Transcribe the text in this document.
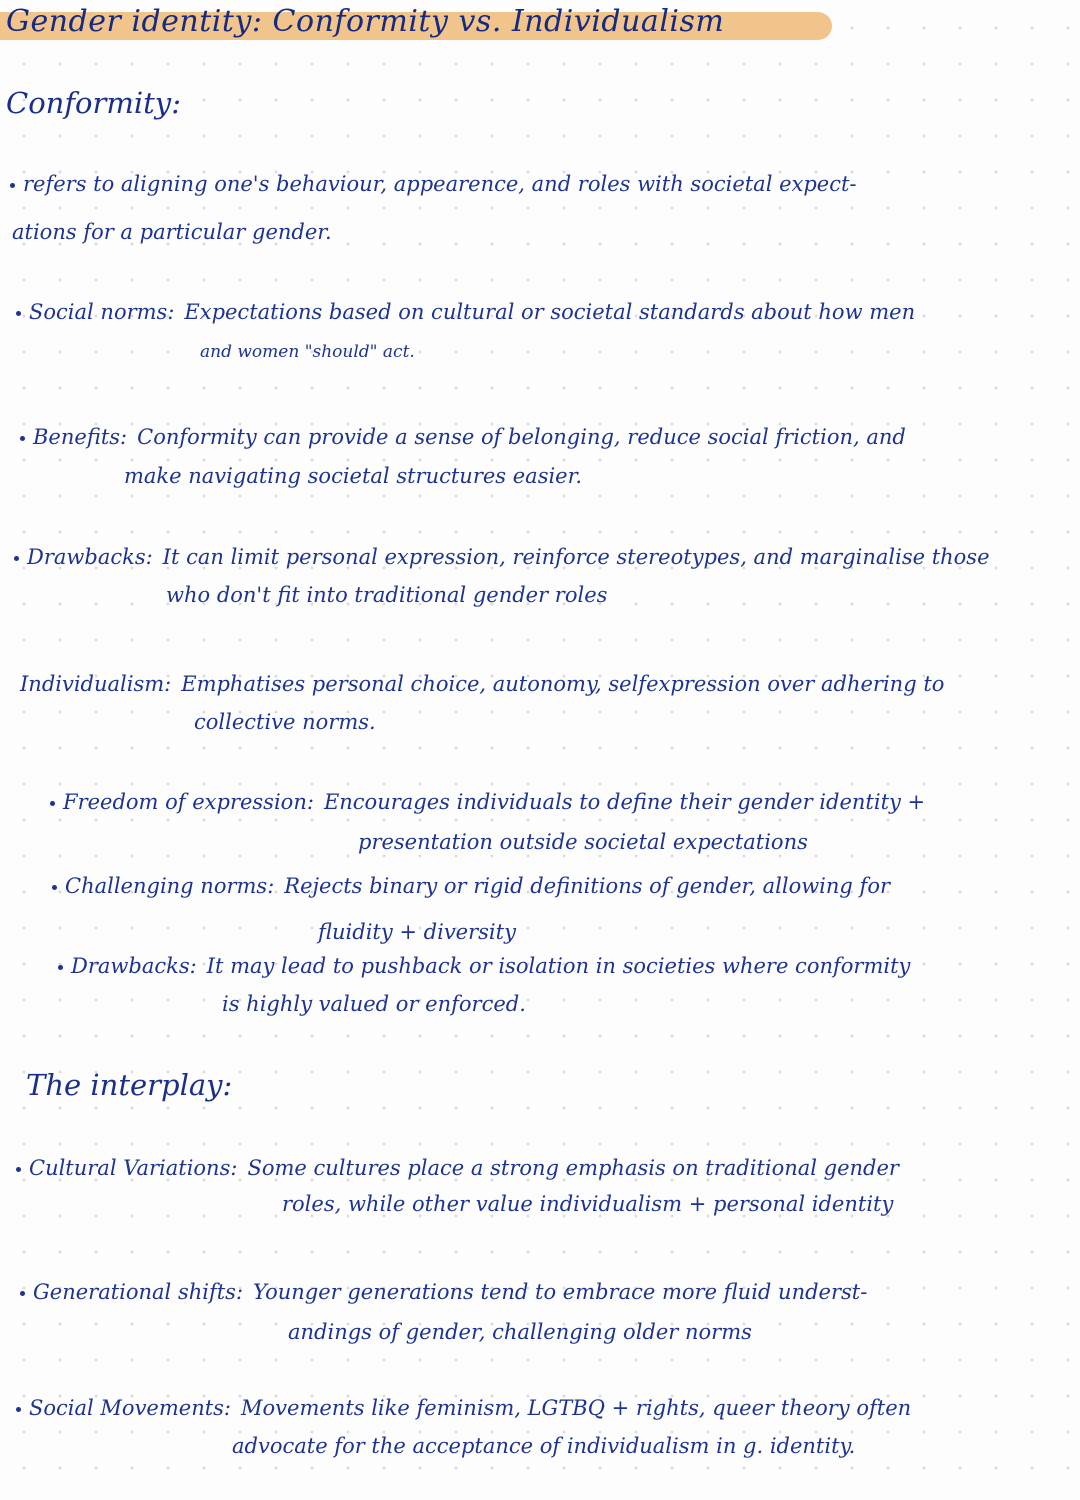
Gender identity: Conformity vs. Individualism
Conformity:
refers to aligning one's behaviour, appearence, and roles with societal expect-
ations for a particular gender.
Social norms: Expectations based on cultural or societal standards about how men
and women "should" act.
Benefits: Conformity can provide a sense of belonging, reduce social friction, and
make navigating societal structures easier.
Drawbacks: It can limit personal expression, reinforce stereotypes, and marginalise those
who don't fit into traditional gender roles
Individualism: Emphatises personal choice, autonomy, selfexpression over adhering to
collective norms.
Freedom of expression: Encourages individuals to define their gender identity +
presentation outside societal expectations
Challenging norms: Rejects binary or rigid definitions of gender, allowing for
fluidity + diversity
Drawbacks: It may lead to pushback or isolation in societies where conformity
is highly valued or enforced.
The interplay:
Cultural Variations: Some cultures place a strong emphasis on traditional gender
roles, while other value individualism + personal identity
Generational shifts: Younger generations tend to embrace more fluid underst-
andings of gender, challenging older norms
Social Movements: Movements like feminism, LGTBQ + rights, queer theory often
advocate for the acceptance of individualism in g. identity.
